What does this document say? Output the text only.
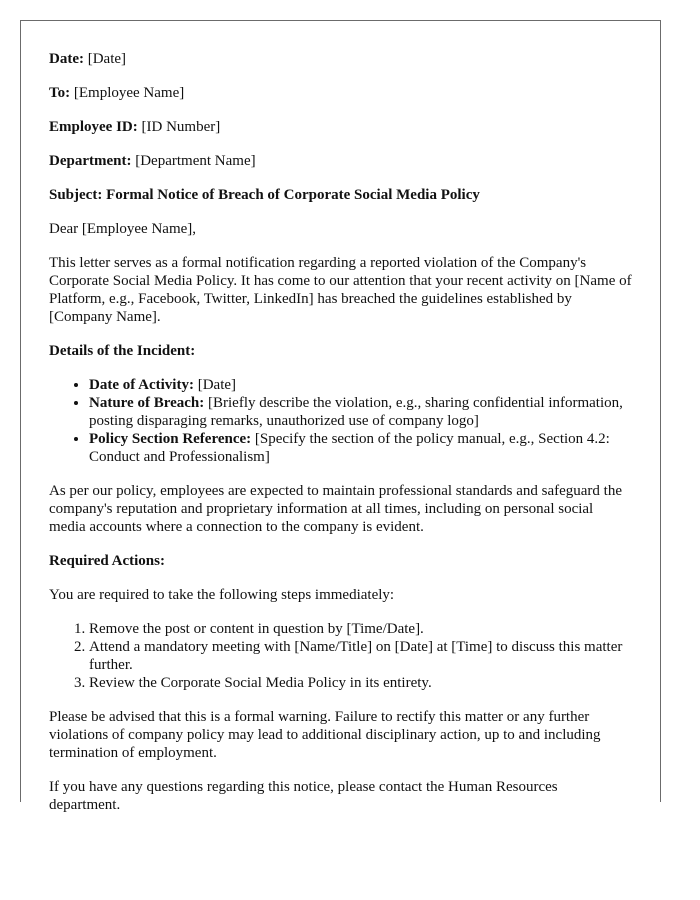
Date: [Date]

To: [Employee Name]

Employee ID: [ID Number]

Department: [Department Name]

Subject: Formal Notice of Breach of Corporate Social Media Policy

Dear [Employee Name],

This letter serves as a formal notification regarding a reported violation of the Company's Corporate Social Media Policy. It has come to our attention that your recent activity on [Name of Platform, e.g., Facebook, Twitter, LinkedIn] has breached the guidelines established by [Company Name].

Details of the Incident:

• Date of Activity: [Date]
• Nature of Breach: [Briefly describe the violation, e.g., sharing confidential information, posting disparaging remarks, unauthorized use of company logo]
• Policy Section Reference: [Specify the section of the policy manual, e.g., Section 4.2: Conduct and Professionalism]

As per our policy, employees are expected to maintain professional standards and safeguard the company's reputation and proprietary information at all times, including on personal social media accounts where a connection to the company is evident.

Required Actions:

You are required to take the following steps immediately:

1. Remove the post or content in question by [Time/Date].
2. Attend a mandatory meeting with [Name/Title] on [Date] at [Time] to discuss this matter further.
3. Review the Corporate Social Media Policy in its entirety.

Please be advised that this is a formal warning. Failure to rectify this matter or any further violations of company policy may lead to additional disciplinary action, up to and including termination of employment.

If you have any questions regarding this notice, please contact the Human Resources department.
